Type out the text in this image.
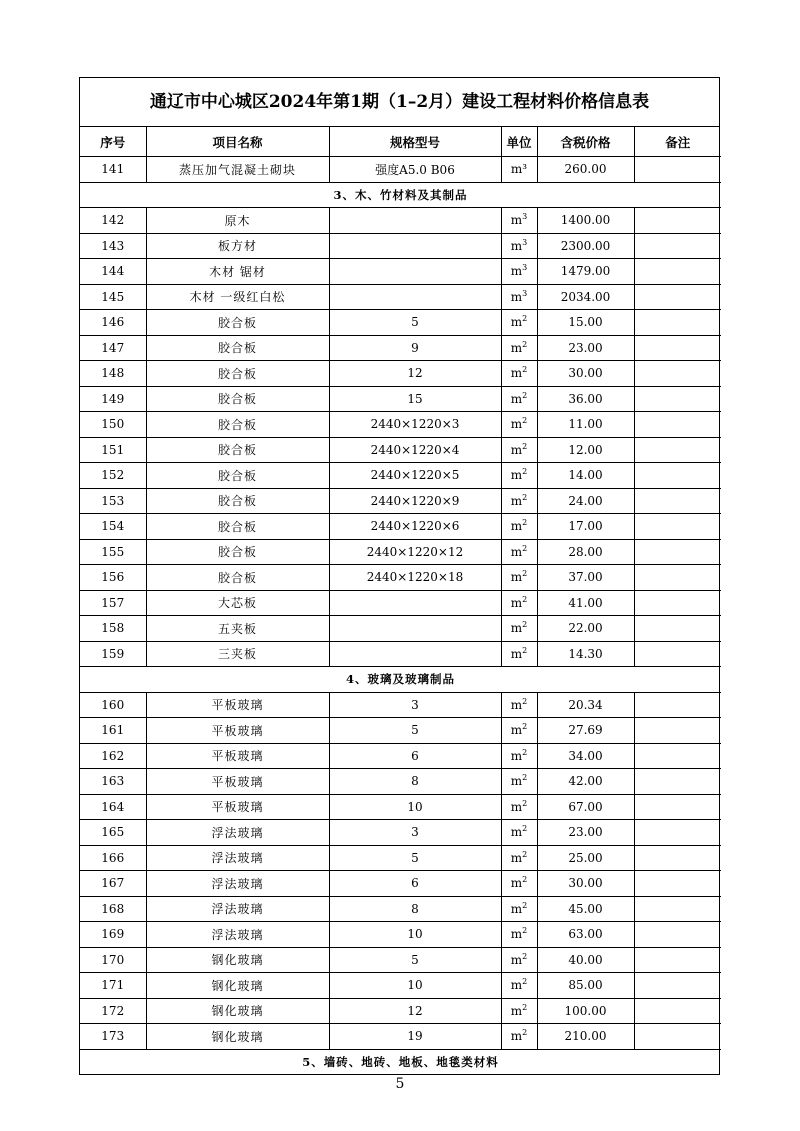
通辽市中心城区2024年第1期（1–2月）建设工程材料价格信息表
序号	项目名称	规格型号	单位	含税价格	备注
141	蒸压加气混凝土砌块	强度A5.0 B06	m³	260.00	
3、木、竹材料及其制品					
142	原木		$m^3$	1400.00	
143	板方材		$m^3$	2300.00	
144	木材 锯材		$m^3$	1479.00	
145	木材 一级红白松		$m^3$	2034.00	
146	胶合板	5	$m^2$	15.00	
147	胶合板	9	$m^2$	23.00	
148	胶合板	12	$m^2$	30.00	
149	胶合板	15	$m^2$	36.00	
150	胶合板	2440×1220×3	$m^2$	11.00	
151	胶合板	2440×1220×4	$m^2$	12.00	
152	胶合板	2440×1220×5	$m^2$	14.00	
153	胶合板	2440×1220×9	$m^2$	24.00	
154	胶合板	2440×1220×6	$m^2$	17.00	
155	胶合板	2440×1220×12	$m^2$	28.00	
156	胶合板	2440×1220×18	$m^2$	37.00	
157	大芯板		$m^2$	41.00	
158	五夹板		$m^2$	22.00	
159	三夹板		$m^2$	14.30	
4、玻璃及玻璃制品					
160	平板玻璃	3	$m^2$	20.34	
161	平板玻璃	5	$m^2$	27.69	
162	平板玻璃	6	$m^2$	34.00	
163	平板玻璃	8	$m^2$	42.00	
164	平板玻璃	10	$m^2$	67.00	
165	浮法玻璃	3	$m^2$	23.00	
166	浮法玻璃	5	$m^2$	25.00	
167	浮法玻璃	6	$m^2$	30.00	
168	浮法玻璃	8	$m^2$	45.00	
169	浮法玻璃	10	$m^2$	63.00	
170	钢化玻璃	5	$m^2$	40.00	
171	钢化玻璃	10	$m^2$	85.00	
172	钢化玻璃	12	$m^2$	100.00	
173	钢化玻璃	19	$m^2$	210.00	
5、墙砖、地砖、地板、地毯类材料					
5
